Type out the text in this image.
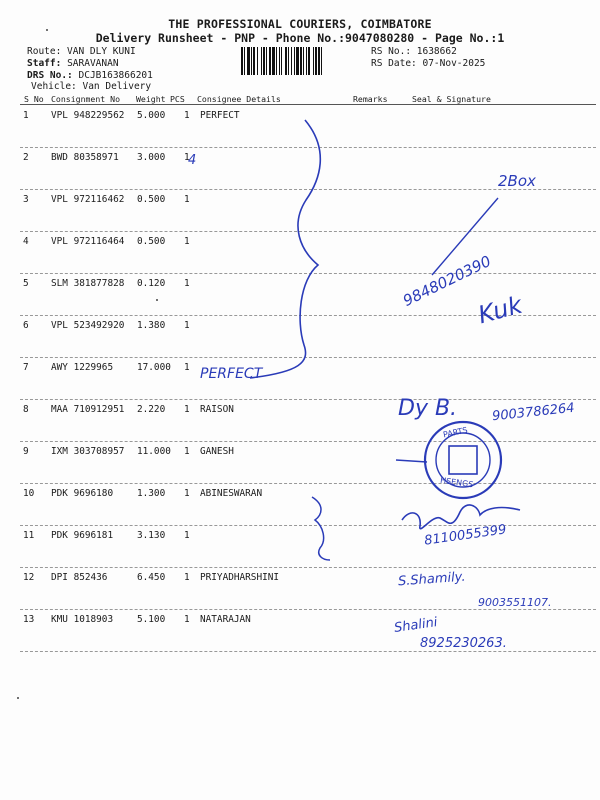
THE PROFESSIONAL COURIERS, COIMBATORE
Delivery Runsheet - PNP - Phone No.:9047080280 - Page No.:1
Route: VAN DLY KUNI
Staff: SARAVANAN
DRS No.: DCJB163866201
Vehicle: Van Delivery
RS No.: 1638662
RS Date: 07-Nov-2025
S No Consignment No Weight PCS Consignee Details	Remarks	Seal & Signature
1 VPL 948229562 5.000 1 PERFECT
2 BWD 80358971 3.000 1
3 VPL 972116462 0.500 1
4 VPL 972116464 0.500 1
5 SLM 381877828 0.120 1
6 VPL 523492920 1.380 1
7 AWY 1229965	17.000 1
8 MAA 710912951 2.220 1 RAISON
9 IXM 303708957 11.000 1 GANESH
10 PDK 9696180	1.300 1 ABINESWARAN
11 PDK 9696181	3.130 1
12 DPI 852436	6.450 1 PRIYADHARSHINI
13 KMU 1018903	5.100 1 NATARAJAN
4
2Box
9848020390
Kuk
PERFECT
Dy B.	9003786264
PARTS
HSENGS
8110055399
S.Shamily.
9003551107.
Shalini
8925230263.
